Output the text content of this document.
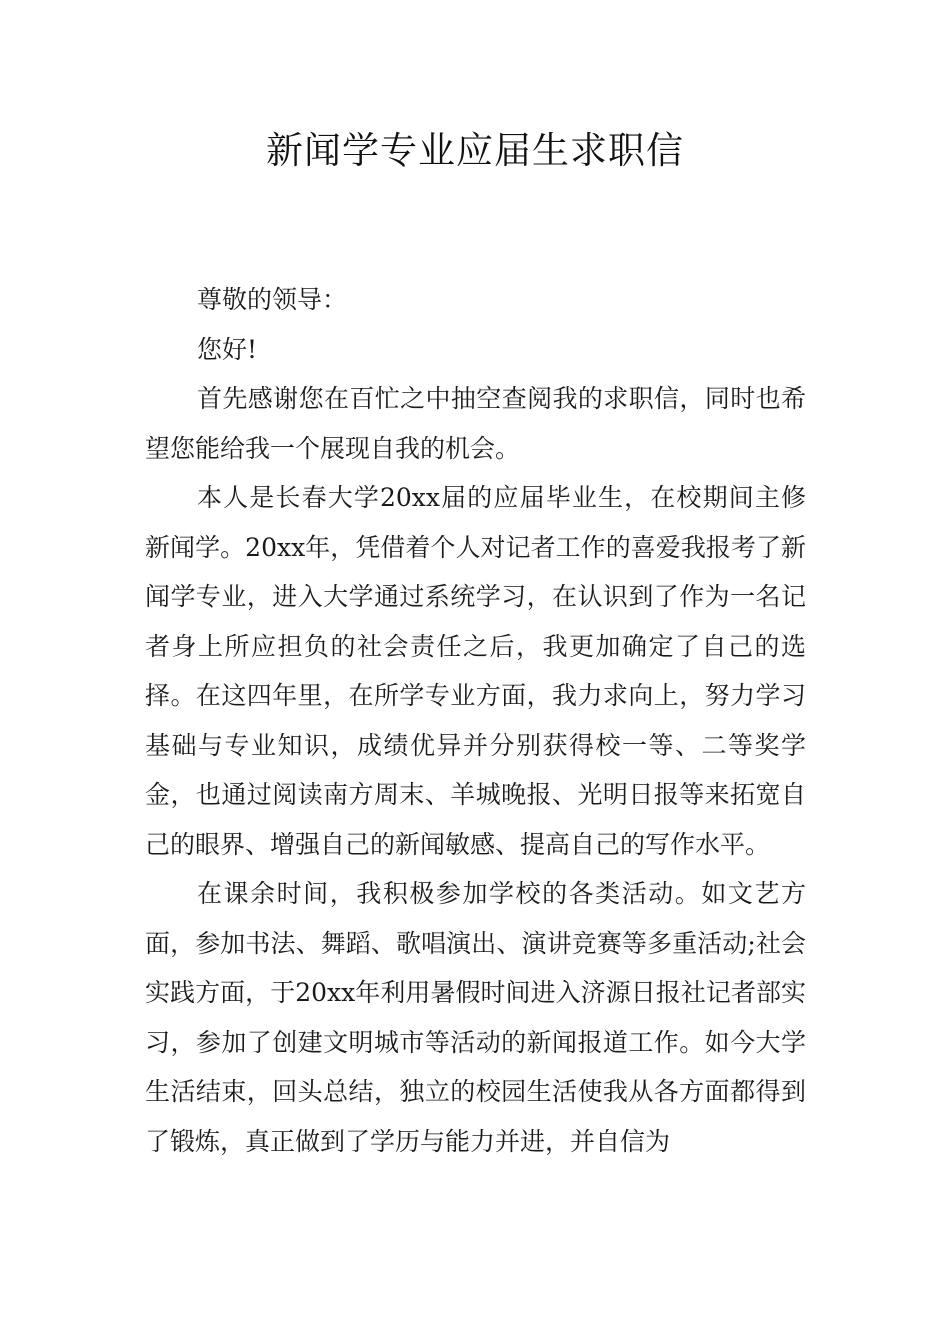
新闻学专业应届生求职信

尊敬的领导：

您好!

首先感谢您在百忙之中抽空查阅我的求职信，同时也希望您能给我一个展现自我的机会。

本人是长春大学20xx届的应届毕业生，在校期间主修新闻学。20xx年，凭借着个人对记者工作的喜爱我报考了新闻学专业，进入大学通过系统学习，在认识到了作为一名记者身上所应担负的社会责任之后，我更加确定了自己的选择。在这四年里，在所学专业方面，我力求向上，努力学习基础与专业知识，成绩优异并分别获得校一等、二等奖学金，也通过阅读南方周末、羊城晚报、光明日报等来拓宽自己的眼界、增强自己的新闻敏感、提高自己的写作水平。

在课余时间，我积极参加学校的各类活动。如文艺方面，参加书法、舞蹈、歌唱演出、演讲竞赛等多重活动;社会实践方面，于20xx年利用暑假时间进入济源日报社记者部实习，参加了创建文明城市等活动的新闻报道工作。如今大学生活结束，回头总结，独立的校园生活使我从各方面都得到了锻炼，真正做到了学历与能力并进，并自信为
